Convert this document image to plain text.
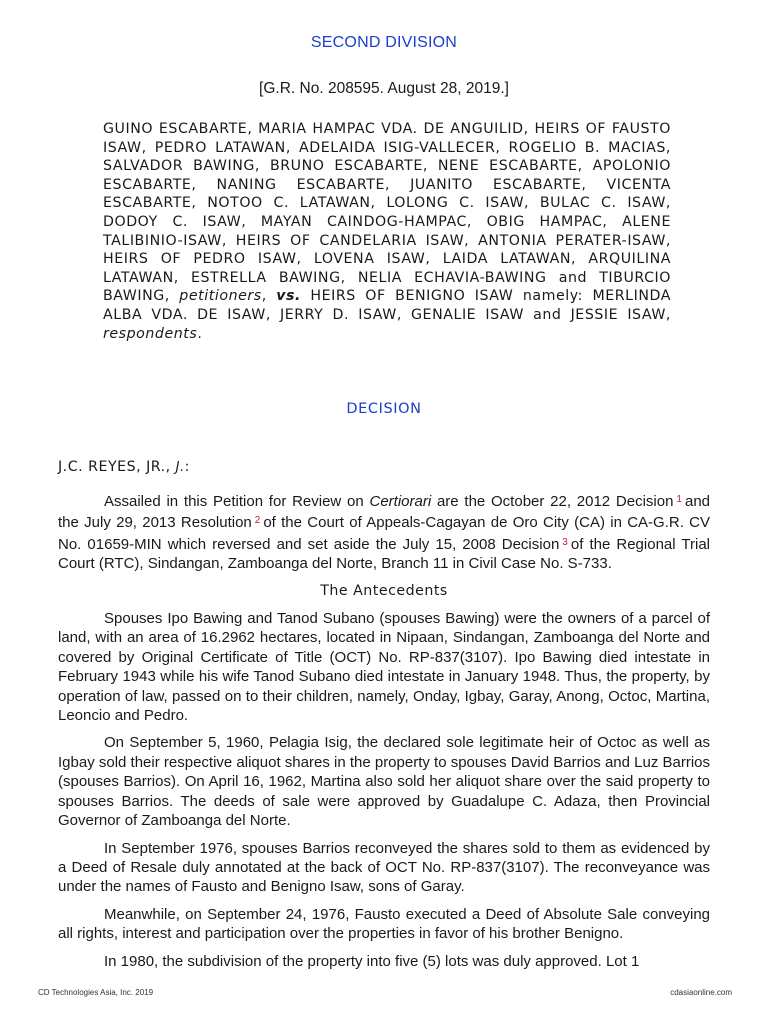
SECOND DIVISION
[G.R. No. 208595. August 28, 2019.]

GUINO ESCABARTE, MARIA HAMPAC VDA. DE ANGUILID, HEIRS OF FAUSTO ISAW, PEDRO LATAWAN, ADELAIDA ISIG-VALLECER, ROGELIO B. MACIAS, SALVADOR BAWING, BRUNO ESCABARTE, NENE ESCABARTE, APOLONIO ESCABARTE, NANING ESCABARTE, JUANITO ESCABARTE, VICENTA ESCABARTE, NOTOO C. LATAWAN, LOLONG C. ISAW, BULAC C. ISAW, DODOY C. ISAW, MAYAN CAINDOG-HAMPAC, OBIG HAMPAC, ALENE TALIBINIO-ISAW, HEIRS OF CANDELARIA ISAW, ANTONIA PERATER-ISAW, HEIRS OF PEDRO ISAW, LOVENA ISAW, LAIDA LATAWAN, ARQUILINA LATAWAN, ESTRELLA BAWING, NELIA ECHAVIA-BAWING and TIBURCIO BAWING, petitioners, vs. HEIRS OF BENIGNO ISAW namely: MERLINDA ALBA VDA. DE ISAW, JERRY D. ISAW, GENALIE ISAW and JESSIE ISAW, respondents.

DECISION
J.C. REYES, JR., J.:

Assailed in this Petition for Review on Certiorari are the October 22, 2012 Decision $^1$ and the July 29, 2013 Resolution $^2$ of the Court of Appeals-Cagayan de Oro City (CA) in CA-G.R. CV No. 01659-MIN which reversed and set aside the July 15, 2008 Decision $^3$ of the Regional Trial Court (RTC), Sindangan, Zamboanga del Norte, Branch 11 in Civil Case No. S-733.

The Antecedents

Spouses Ipo Bawing and Tanod Subano (spouses Bawing) were the owners of a parcel of land, with an area of 16.2962 hectares, located in Nipaan, Sindangan, Zamboanga del Norte and covered by Original Certificate of Title (OCT) No. RP-837(3107). Ipo Bawing died intestate in February 1943 while his wife Tanod Subano died intestate in January 1948. Thus, the property, by operation of law, passed on to their children, namely, Onday, Igbay, Garay, Anong, Octoc, Martina, Leoncio and Pedro.

On September 5, 1960, Pelagia Isig, the declared sole legitimate heir of Octoc as well as Igbay sold their respective aliquot shares in the property to spouses David Barrios and Luz Barrios (spouses Barrios). On April 16, 1962, Martina also sold her aliquot share over the said property to spouses Barrios. The deeds of sale were approved by Guadalupe C. Adaza, then Provincial Governor of Zamboanga del Norte.

In September 1976, spouses Barrios reconveyed the shares sold to them as evidenced by a Deed of Resale duly annotated at the back of OCT No. RP-837(3107). The reconveyance was under the names of Fausto and Benigno Isaw, sons of Garay.

Meanwhile, on September 24, 1976, Fausto executed a Deed of Absolute Sale conveying all rights, interest and participation over the properties in favor of his brother Benigno.

In 1980, the subdivision of the property into five (5) lots was duly approved. Lot 1

CD Technologies Asia, Inc. 2019	cdasiaonline.com
